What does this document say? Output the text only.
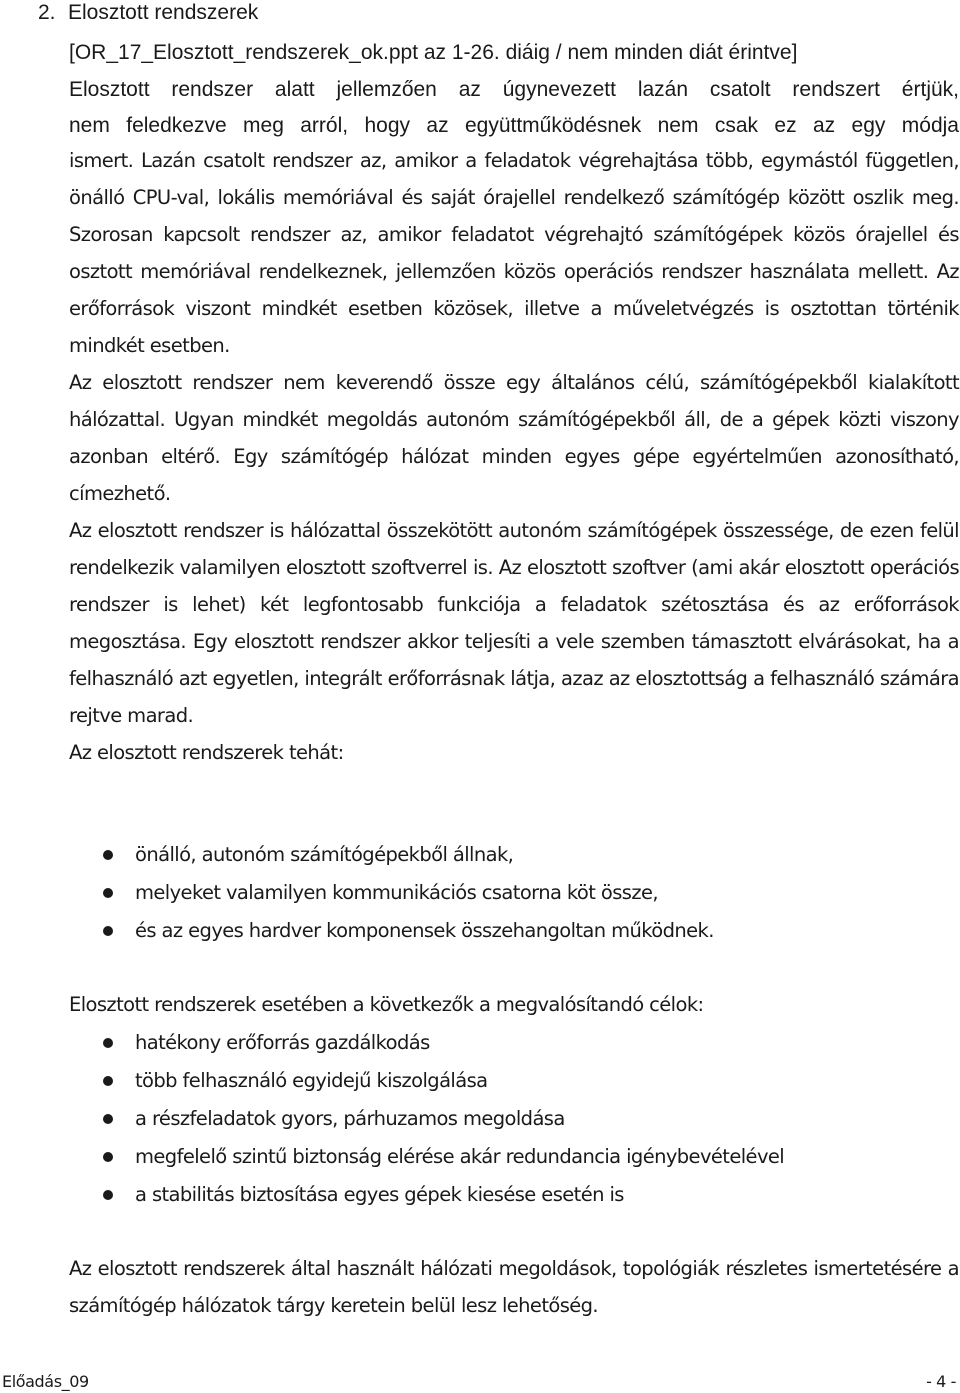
2. Elosztott rendszerek
[OR_17_Elosztott_rendszerek_ok.ppt az 1-26. diáig / nem minden diát érintve]
Elosztott rendszer alatt jellemzően az úgynevezett lazán csatolt rendszert értjük,
nem feledkezve meg arról, hogy az együttműködésnek nem csak ez az egy módja

ismert. Lazán csatolt rendszer az, amikor a feladatok végrehajtása több, egymástól független, önálló CPU-val, lokális memóriával és saját órajellel rendelkező számítógép között oszlik meg. Szorosan kapcsolt rendszer az, amikor feladatot végrehajtó számítógépek közös órajellel és osztott memóriával rendelkeznek, jellemzően közös operációs rendszer használata mellett. Az erőforrások viszont mindkét esetben közösek, illetve a műveletvégzés is osztottan történik mindkét esetben.

Az elosztott rendszer nem keverendő össze egy általános célú, számítógépekből kialakított hálózattal. Ugyan mindkét megoldás autonóm számítógépekből áll, de a gépek közti viszony azonban eltérő. Egy számítógép hálózat minden egyes gépe egyértelműen azonosítható, címezhető.

Az elosztott rendszer is hálózattal összekötött autonóm számítógépek összessége, de ezen felül rendelkezik valamilyen elosztott szoftverrel is. Az elosztott szoftver (ami akár elosztott operációs rendszer is lehet) két legfontosabb funkciója a feladatok szétosztása és az erőforrások megosztása. Egy elosztott rendszer akkor teljesíti a vele szemben támasztott elvárásokat, ha a felhasználó azt egyetlen, integrált erőforrásnak látja, azaz az elosztottság a felhasználó számára rejtve marad.

Az elosztott rendszerek tehát:

önálló, autonóm számítógépekből állnak,
melyeket valamilyen kommunikációs csatorna köt össze,
és az egyes hardver komponensek összehangoltan működnek.

Elosztott rendszerek esetében a következők a megvalósítandó célok:

hatékony erőforrás gazdálkodás
több felhasználó egyidejű kiszolgálása
a részfeladatok gyors, párhuzamos megoldása
megfelelő szintű biztonság elérése akár redundancia igénybevételével
a stabilitás biztosítása egyes gépek kiesése esetén is

Az elosztott rendszerek által használt hálózati megoldások, topológiák részletes ismertetésére a számítógép hálózatok tárgy keretein belül lesz lehetőség.

Előadás_09	- 4 -
